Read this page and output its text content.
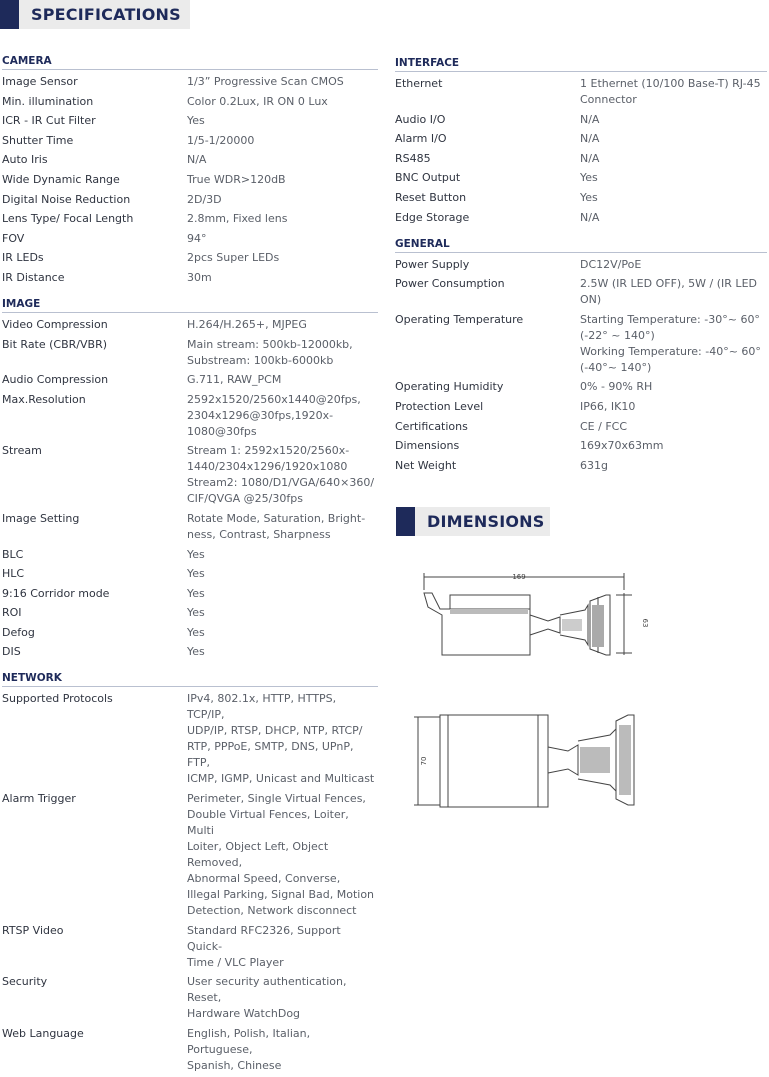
SPECIFICATIONS
CAMERA
Image Sensor	1/3” Progressive Scan CMOS
Min. illumination	Color 0.2Lux, IR ON 0 Lux
ICR - IR Cut Filter	Yes
Shutter Time	1/5-1/20000
Auto Iris	N/A
Wide Dynamic Range	True WDR>120dB
Digital Noise Reduction	2D/3D
Lens Type/ Focal Length	2.8mm, Fixed lens
FOV	94°
IR LEDs	2pcs Super LEDs
IR Distance	30m
IMAGE
Video Compression	H.264/H.265+, MJPEG
Bit Rate (CBR/VBR)	Main stream: 500kb-12000kb,
Substream: 100kb-6000kb
Audio Compression	G.711, RAW_PCM
Max.Resolution	2592x1520/2560x1440@20fps,
2304x1296@30fps,1920x-
1080@30fps
Stream	Stream 1: 2592x1520/2560x-
1440/2304x1296/1920x1080
Stream2: 1080/D1/VGA/640×360/
CIF/QVGA @25/30fps
Image Setting	Rotate Mode, Saturation, Bright-
ness, Contrast, Sharpness
BLC	Yes
HLC	Yes
9:16 Corridor mode	Yes
ROI	Yes
Defog	Yes
DIS	Yes
NETWORK
Supported Protocols	IPv4, 802.1x, HTTP, HTTPS, TCP/IP,
UDP/IP, RTSP, DHCP, NTP, RTCP/
RTP, PPPoE, SMTP, DNS, UPnP, FTP,
ICMP, IGMP, Unicast and Multicast
Alarm Trigger	Perimeter, Single Virtual Fences,
Double Virtual Fences, Loiter, Multi
Loiter, Object Left, Object Removed,
Abnormal Speed, Converse,
Illegal Parking, Signal Bad, Motion
Detection, Network disconnect
RTSP Video	Standard RFC2326, Support Quick-
Time / VLC Player
Security	User security authentication, Reset,
Hardware WatchDog
Web Language	English, Polish, Italian, Portuguese,
Spanish, Chinese
INTERFACE
Ethernet	1 Ethernet (10/100 Base-T) RJ-45
Connector
Audio I/O	N/A
Alarm I/O	N/A
RS485	N/A
BNC Output	Yes
Reset Button	Yes
Edge Storage	N/A
GENERAL
Power Supply	DC12V/PoE
Power Consumption	2.5W (IR LED OFF), 5W / (IR LED ON)
Operating Temperature	Starting Temperature: -30°~ 60°
(-22° ~ 140°)
Working Temperature: -40°~ 60°
(-40°~ 140°)
Operating Humidity	0% - 90% RH
Protection Level	IP66, IK10
Certifications	CE / FCC
Dimensions	169x70x63mm
Net Weight	631g
DIMENSIONS
169
63
70
